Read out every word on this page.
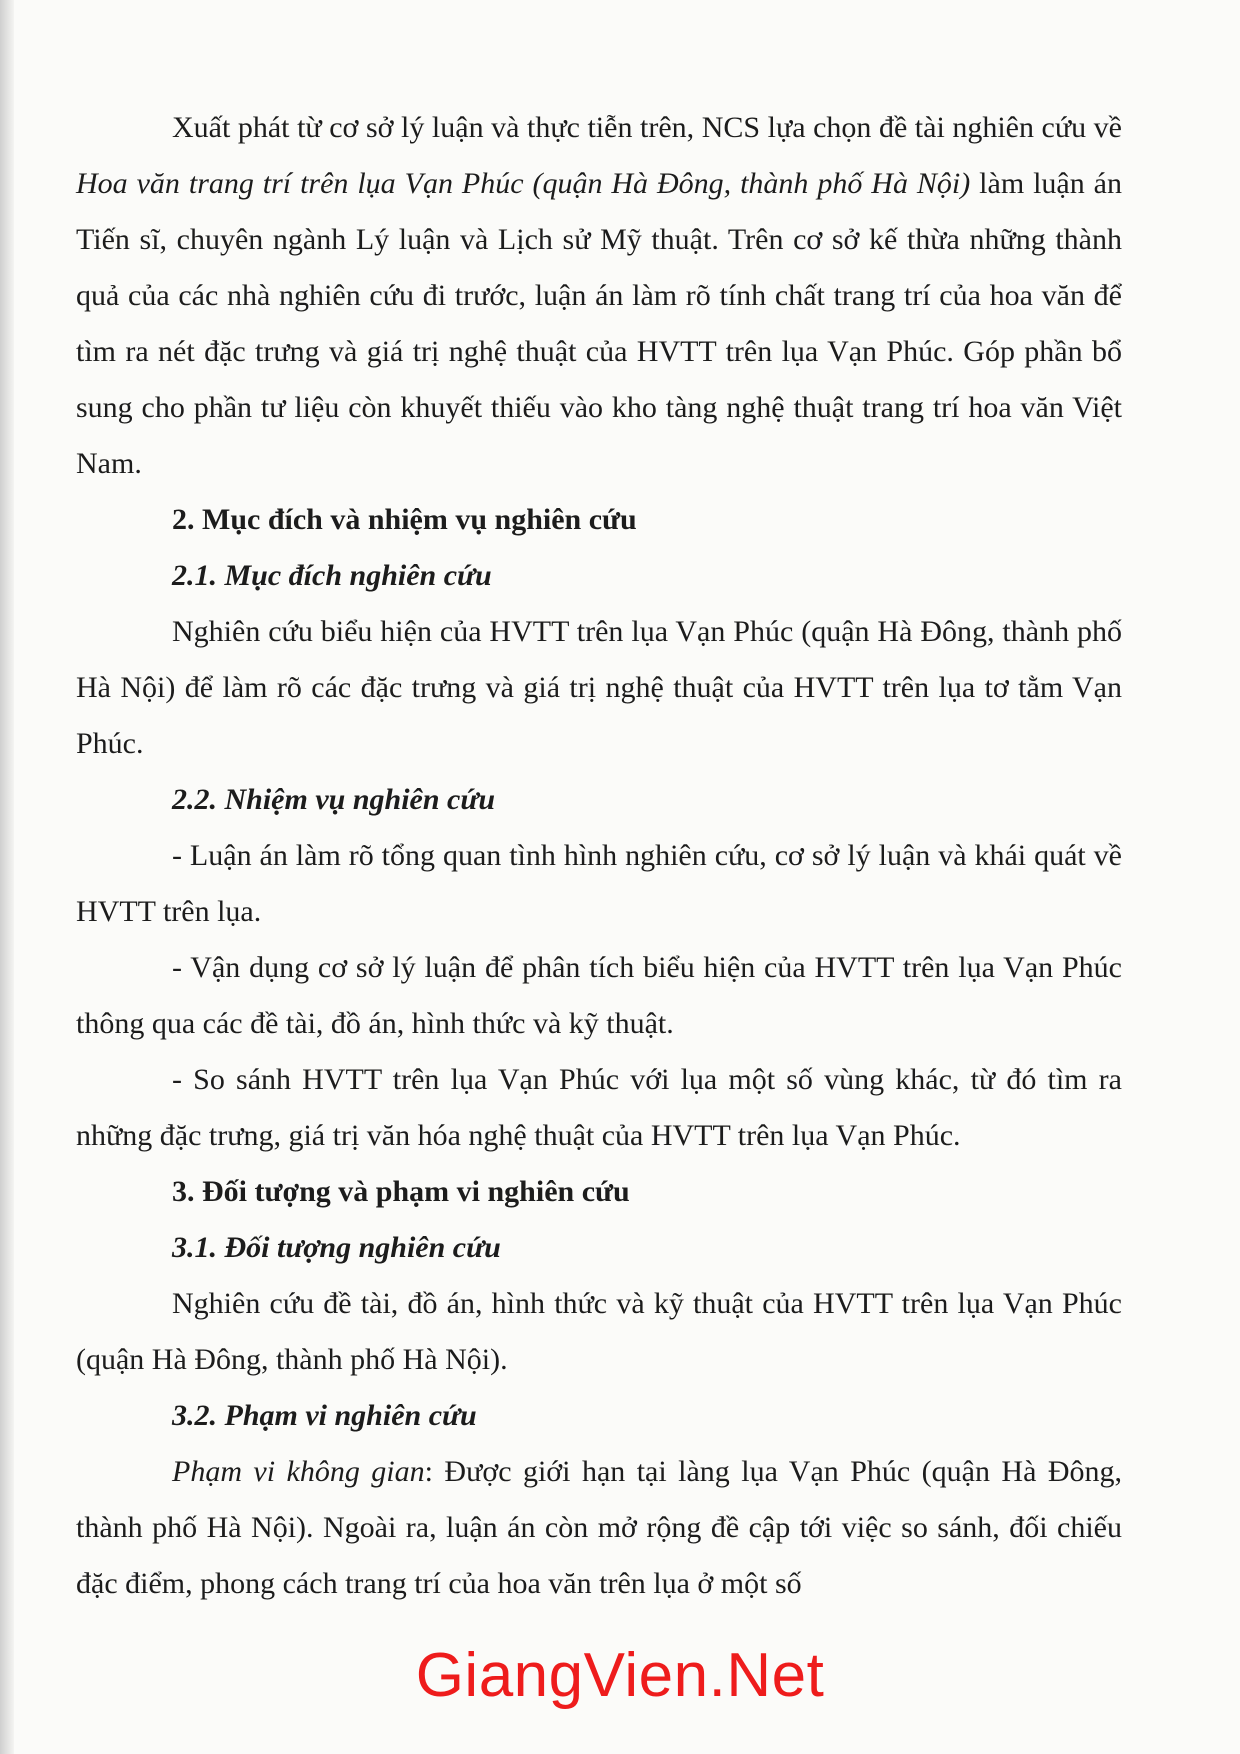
Xuất phát từ cơ sở lý luận và thực tiễn trên, NCS lựa chọn đề tài nghiên cứu về Hoa văn trang trí trên lụa Vạn Phúc (quận Hà Đông, thành phố Hà Nội) làm luận án Tiến sĩ, chuyên ngành Lý luận và Lịch sử Mỹ thuật. Trên cơ sở kế thừa những thành quả của các nhà nghiên cứu đi trước, luận án làm rõ tính chất trang trí của hoa văn để tìm ra nét đặc trưng và giá trị nghệ thuật của HVTT trên lụa Vạn Phúc. Góp phần bổ sung cho phần tư liệu còn khuyết thiếu vào kho tàng nghệ thuật trang trí hoa văn Việt Nam.

2. Mục đích và nhiệm vụ nghiên cứu
2.1. Mục đích nghiên cứu

Nghiên cứu biểu hiện của HVTT trên lụa Vạn Phúc (quận Hà Đông, thành phố Hà Nội) để làm rõ các đặc trưng và giá trị nghệ thuật của HVTT trên lụa tơ tằm Vạn Phúc.

2.2. Nhiệm vụ nghiên cứu

- Luận án làm rõ tổng quan tình hình nghiên cứu, cơ sở lý luận và khái quát về HVTT trên lụa.

- Vận dụng cơ sở lý luận để phân tích biểu hiện của HVTT trên lụa Vạn Phúc thông qua các đề tài, đồ án, hình thức và kỹ thuật.

- So sánh HVTT trên lụa Vạn Phúc với lụa một số vùng khác, từ đó tìm ra những đặc trưng, giá trị văn hóa nghệ thuật của HVTT trên lụa Vạn Phúc.

3. Đối tượng và phạm vi nghiên cứu
3.1. Đối tượng nghiên cứu

Nghiên cứu đề tài, đồ án, hình thức và kỹ thuật của HVTT trên lụa Vạn Phúc (quận Hà Đông, thành phố Hà Nội).

3.2. Phạm vi nghiên cứu

Phạm vi không gian: Được giới hạn tại làng lụa Vạn Phúc (quận Hà Đông, thành phố Hà Nội). Ngoài ra, luận án còn mở rộng đề cập tới việc so sánh, đối chiếu đặc điểm, phong cách trang trí của hoa văn trên lụa ở một số

GiangVien.Net
